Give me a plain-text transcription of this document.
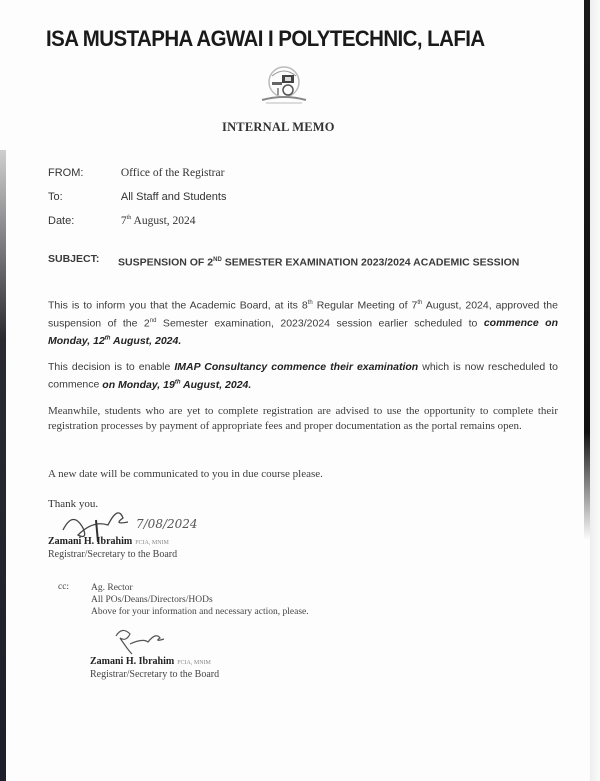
ISA MUSTAPHA AGWAI I POLYTECHNIC, LAFIA
INTERNAL MEMO
FROM:	Office of the Registrar
To:	All Staff and Students
Date:	7th August, 2024
SUBJECT:	SUSPENSION OF 2ND SEMESTER EXAMINATION 2023/2024 ACADEMIC SESSION
This is to inform you that the Academic Board, at its 8th Regular Meeting of 7th August, 2024, approved the suspension of the 2nd Semester examination, 2023/2024 session earlier scheduled to commence on Monday, 12th August, 2024.
This decision is to enable IMAP Consultancy commence their examination which is now rescheduled to commence on Monday, 19th August, 2024.
Meanwhile, students who are yet to complete registration are advised to use the opportunity to complete their registration processes by payment of appropriate fees and proper documentation as the portal remains open.
A new date will be communicated to you in due course please.
Thank you.
7/08/2024
Zamani H. Ibrahim FCIA, MNIM
Registrar/Secretary to the Board
cc:	Ag. Rector
All POs/Deans/Directors/HODs
Above for your information and necessary action, please.
Zamani H. Ibrahim FCIA, MNIM
Registrar/Secretary to the Board
